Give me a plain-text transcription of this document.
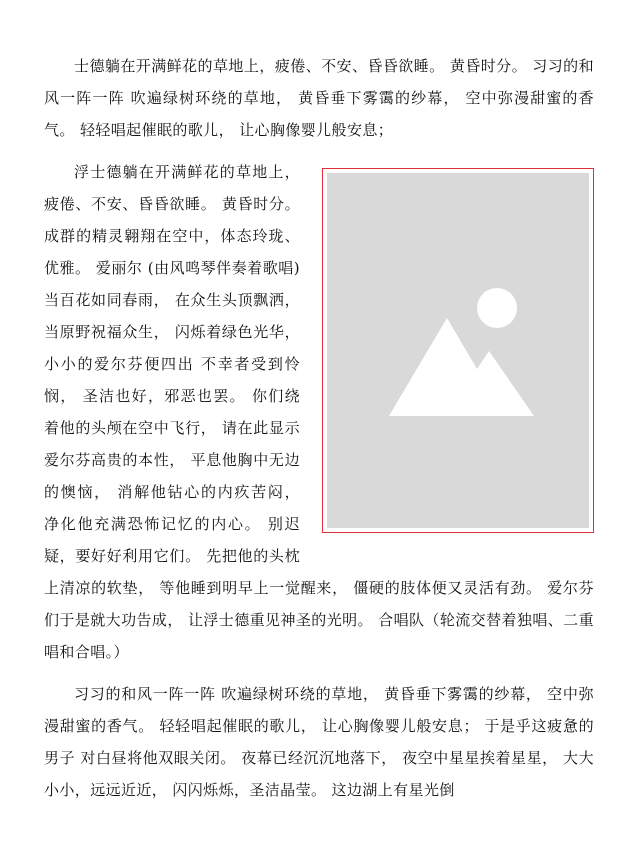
士德躺在开满鲜花的草地上，疲倦、不安、昏昏欲睡。 黄昏时分。 习习的和风一阵一阵 吹遍绿树环绕的草地， 黄昏垂下雾霭的纱幕， 空中弥漫甜蜜的香气。 轻轻唱起催眠的歌儿， 让心胸像婴儿般安息；

浮士德躺在开满鲜花的草地上，疲倦、不安、昏昏欲睡。 黄昏时分。 成群的精灵翱翔在空中，体态玲珑、优雅。 爱丽尔 (由风鸣琴伴奏着歌唱) 当百花如同春雨， 在众生头顶飘洒， 当原野祝福众生， 闪烁着绿色光华， 小小的爱尔芬便四出 不幸者受到怜悯， 圣洁也好，邪恶也罢。 你们绕着他的头颅在空中飞行， 请在此显示爱尔芬高贵的本性， 平息他胸中无边的懊恼， 消解他钻心的内疚苦闷， 净化他充满恐怖记忆的内心。 别迟疑，要好好利用它们。 先把他的头枕上清凉的软垫， 等他睡到明早上一觉醒来， 僵硬的肢体便又灵活有劲。 爱尔芬们于是就大功告成， 让浮士德重见神圣的光明。 合唱队（轮流交替着独唱、二重唱和合唱。）

习习的和风一阵一阵 吹遍绿树环绕的草地， 黄昏垂下雾霭的纱幕， 空中弥漫甜蜜的香气。 轻轻唱起催眠的歌儿， 让心胸像婴儿般安息； 于是乎这疲惫的男子 对白昼将他双眼关闭。 夜幕已经沉沉地落下， 夜空中星星挨着星星， 大大小小，远远近近， 闪闪烁烁，圣洁晶莹。 这边湖上有星光倒
